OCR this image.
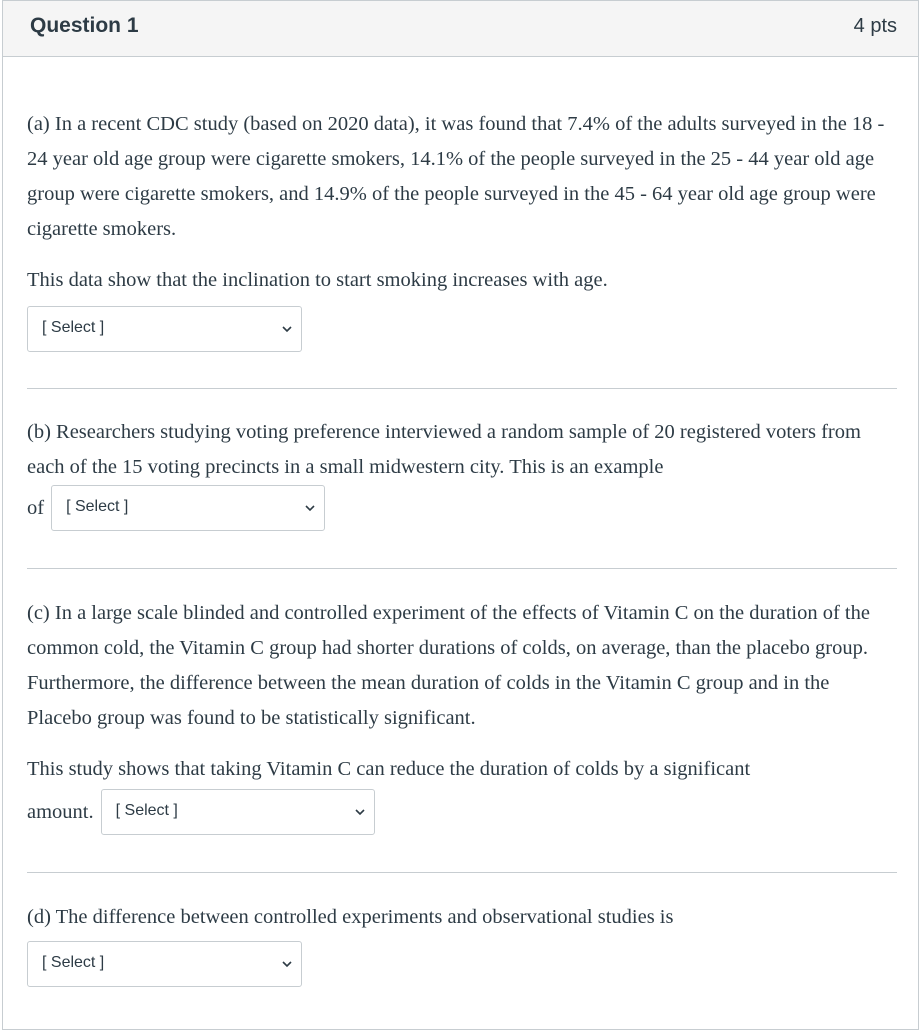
Question 1	4 pts

(a) In a recent CDC study (based on 2020 data), it was found that 7.4% of the adults surveyed in the 18 - 24 year old age group were cigarette smokers, 14.1% of the people surveyed in the 25 - 44 year old age group were cigarette smokers, and 14.9% of the people surveyed in the 45 - 64 year old age group were cigarette smokers.

This data show that the inclination to start smoking increases with age.

[ Select ]

(b) Researchers studying voting preference interviewed a random sample of 20 registered voters from each of the 15 voting precincts in a small midwestern city. This is an example

of [ Select ]

(c) In a large scale blinded and controlled experiment of the effects of Vitamin C on the duration of the common cold, the Vitamin C group had shorter durations of colds, on average, than the placebo group. Furthermore, the difference between the mean duration of colds in the Vitamin C group and in the Placebo group was found to be statistically significant.

This study shows that taking Vitamin C can reduce the duration of colds by a significant

amount. [ Select ]

(d) The difference between controlled experiments and observational studies is

[ Select ]
